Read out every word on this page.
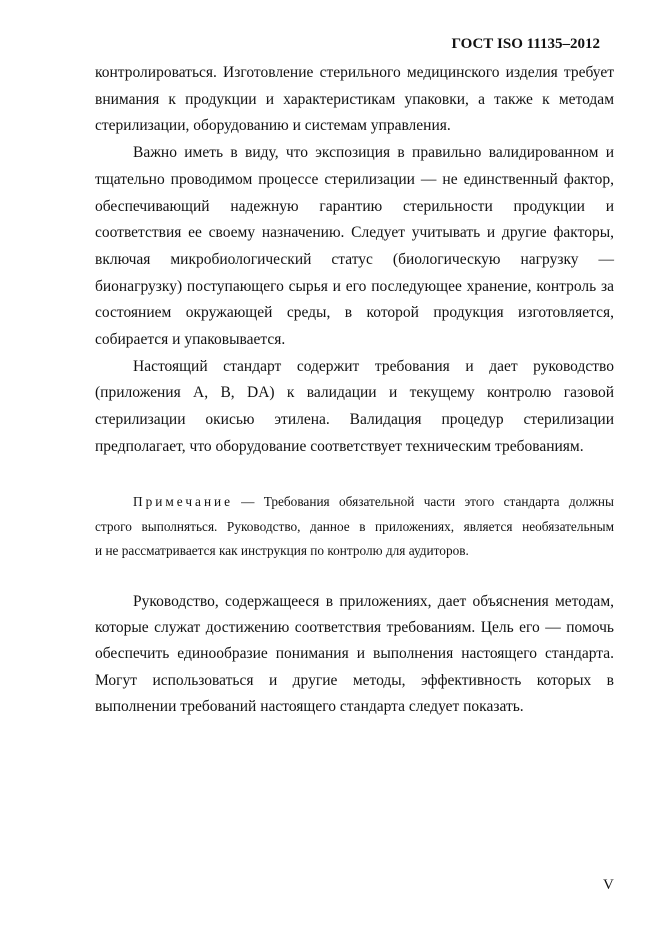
ГОСТ ISO 11135–2012
контролироваться. Изготовление стерильного медицинского изделия требует
внимания к продукции и характеристикам упаковки, а также к методам
стерилизации, оборудованию и системам управления.
Важно иметь в виду, что экспозиция в правильно валидированном и
тщательно проводимом процессе стерилизации — не единственный фактор,
обеспечивающий надежную гарантию стерильности продукции и
соответствия ее своему назначению. Следует учитывать и другие факторы,
включая микробиологический статус (биологическую нагрузку —
бионагрузку) поступающего сырья и его последующее хранение, контроль за
состоянием окружающей среды, в которой продукция изготовляется,
собирается и упаковывается.
Настоящий стандарт содержит требования и дает руководство
(приложения A, B, DA) к валидации и текущему контролю газовой
стерилизации окисью этилена. Валидация процедур стерилизации
предполагает, что оборудование соответствует техническим требованиям.
Примечание — Требования обязательной части этого стандарта должны
строго выполняться. Руководство, данное в приложениях, является необязательным
и не рассматривается как инструкция по контролю для аудиторов.
Руководство, содержащееся в приложениях, дает объяснения методам,
которые служат достижению соответствия требованиям. Цель его — помочь
обеспечить единообразие понимания и выполнения настоящего стандарта.
Могут использоваться и другие методы, эффективность которых в
выполнении требований настоящего стандарта следует показать.
V
